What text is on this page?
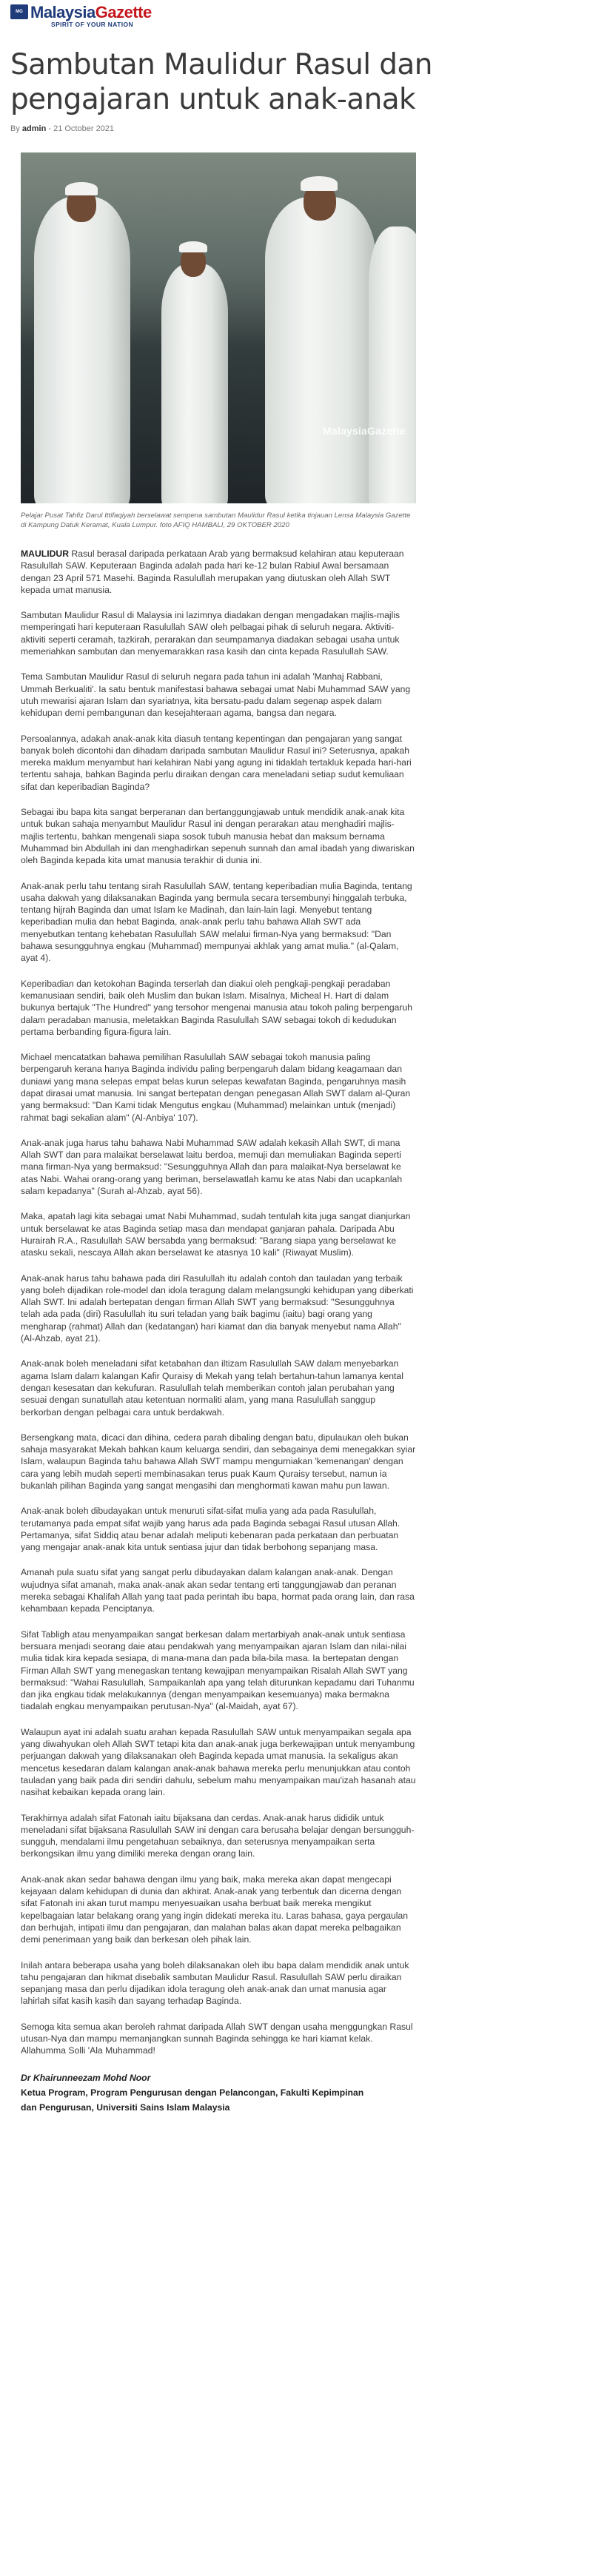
MG MalaysiaGazette
SPIRIT OF YOUR NATION
Sambutan Maulidur Rasul dan pengajaran untuk anak-anak
By admin - 21 October 2021
MalaysiaGazette

Pelajar Pusat Tahfiz Darul Ittifaqiyah berselawat sempena sambutan Maulidur Rasul ketika tinjauan Lensa Malaysia Gazette di Kampung Datuk Keramat, Kuala Lumpur. foto AFIQ HAMBALI, 29 OKTOBER 2020

MAULIDUR Rasul berasal daripada perkataan Arab yang bermaksud kelahiran atau keputeraan Rasulullah SAW. Keputeraan Baginda adalah pada hari ke-12 bulan Rabiul Awal bersamaan dengan 23 April 571 Masehi. Baginda Rasulullah merupakan yang diutuskan oleh Allah SWT kepada umat manusia.

Sambutan Maulidur Rasul di Malaysia ini lazimnya diadakan dengan mengadakan majlis-majlis memperingati hari keputeraan Rasulullah SAW oleh pelbagai pihak di seluruh negara. Aktiviti-aktiviti seperti ceramah, tazkirah, perarakan dan seumpamanya diadakan sebagai usaha untuk memeriahkan sambutan dan menyemarakkan rasa kasih dan cinta kepada Rasulullah SAW.

Tema Sambutan Maulidur Rasul di seluruh negara pada tahun ini adalah 'Manhaj Rabbani, Ummah Berkualiti'. Ia satu bentuk manifestasi bahawa sebagai umat Nabi Muhammad SAW yang utuh mewarisi ajaran Islam dan syariatnya, kita bersatu-padu dalam segenap aspek dalam kehidupan demi pembangunan dan kesejahteraan agama, bangsa dan negara.

Persoalannya, adakah anak-anak kita diasuh tentang kepentingan dan pengajaran yang sangat banyak boleh dicontohi dan dihadam daripada sambutan Maulidur Rasul ini? Seterusnya, apakah mereka maklum menyambut hari kelahiran Nabi yang agung ini tidaklah tertakluk kepada hari-hari tertentu sahaja, bahkan Baginda perlu diraikan dengan cara meneladani setiap sudut kemuliaan sifat dan keperibadian Baginda?

Sebagai ibu bapa kita sangat berperanan dan bertanggungjawab untuk mendidik anak-anak kita untuk bukan sahaja menyambut Maulidur Rasul ini dengan perarakan atau menghadiri majlis-majlis tertentu, bahkan mengenali siapa sosok tubuh manusia hebat dan maksum bernama Muhammad bin Abdullah ini dan menghadirkan sepenuh sunnah dan amal ibadah yang diwariskan oleh Baginda kepada kita umat manusia terakhir di dunia ini.

Anak-anak perlu tahu tentang sirah Rasulullah SAW, tentang keperibadian mulia Baginda, tentang usaha dakwah yang dilaksanakan Baginda yang bermula secara tersembunyi hinggalah terbuka, tentang hijrah Baginda dan umat Islam ke Madinah, dan lain-lain lagi. Menyebut tentang keperibadian mulia dan hebat Baginda, anak-anak perlu tahu bahawa Allah SWT ada menyebutkan tentang kehebatan Rasulullah SAW melalui firman-Nya yang bermaksud: "Dan bahawa sesungguhnya engkau (Muhammad) mempunyai akhlak yang amat mulia." (al-Qalam, ayat 4).

Keperibadian dan ketokohan Baginda terserlah dan diakui oleh pengkaji-pengkaji peradaban kemanusiaan sendiri, baik oleh Muslim dan bukan Islam. Misalnya, Micheal H. Hart di dalam bukunya bertajuk "The Hundred" yang tersohor mengenai manusia atau tokoh paling berpengaruh dalam peradaban manusia, meletakkan Baginda Rasulullah SAW sebagai tokoh di kedudukan pertama berbanding figura-figura lain.

Michael mencatatkan bahawa pemilihan Rasulullah SAW sebagai tokoh manusia paling berpengaruh kerana hanya Baginda individu paling berpengaruh dalam bidang keagamaan dan duniawi yang mana selepas empat belas kurun selepas kewafatan Baginda, pengaruhnya masih dapat dirasai umat manusia. Ini sangat bertepatan dengan penegasan Allah SWT dalam al-Quran yang bermaksud: "Dan Kami tidak Mengutus engkau (Muhammad) melainkan untuk (menjadi) rahmat bagi sekalian alam" (Al-Anbiya' 107).

Anak-anak juga harus tahu bahawa Nabi Muhammad SAW adalah kekasih Allah SWT, di mana Allah SWT dan para malaikat berselawat laitu berdoa, memuji dan memuliakan Baginda seperti mana firman-Nya yang bermaksud: "Sesungguhnya Allah dan para malaikat-Nya berselawat ke atas Nabi. Wahai orang-orang yang beriman, berselawatlah kamu ke atas Nabi dan ucapkanlah salam kepadanya" (Surah al-Ahzab, ayat 56).

Maka, apatah lagi kita sebagai umat Nabi Muhammad, sudah tentulah kita juga sangat dianjurkan untuk berselawat ke atas Baginda setiap masa dan mendapat ganjaran pahala. Daripada Abu Hurairah R.A., Rasulullah SAW bersabda yang bermaksud: "Barang siapa yang berselawat ke atasku sekali, nescaya Allah akan berselawat ke atasnya 10 kali" (Riwayat Muslim).

Anak-anak harus tahu bahawa pada diri Rasulullah itu adalah contoh dan tauladan yang terbaik yang boleh dijadikan role-model dan idola teragung dalam melangsungki kehidupan yang diberkati Allah SWT. Ini adalah bertepatan dengan firman Allah SWT yang bermaksud: "Sesungguhnya telah ada pada (diri) Rasulullah itu suri teladan yang baik bagimu (iaitu) bagi orang yang mengharap (rahmat) Allah dan (kedatangan) hari kiamat dan dia banyak menyebut nama Allah" (Al-Ahzab, ayat 21).

Anak-anak boleh meneladani sifat ketabahan dan iltizam Rasulullah SAW dalam menyebarkan agama Islam dalam kalangan Kafir Quraisy di Mekah yang telah bertahun-tahun lamanya kental dengan kesesatan dan kekufuran. Rasulullah telah memberikan contoh jalan perubahan yang sesuai dengan sunatullah atau ketentuan normaliti alam, yang mana Rasulullah sanggup berkorban dengan pelbagai cara untuk berdakwah.

Bersengkang mata, dicaci dan dihina, cedera parah dibaling dengan batu, dipulaukan oleh bukan sahaja masyarakat Mekah bahkan kaum keluarga sendiri, dan sebagainya demi menegakkan syiar Islam, walaupun Baginda tahu bahawa Allah SWT mampu mengurniakan 'kemenangan' dengan cara yang lebih mudah seperti membinasakan terus puak Kaum Quraisy tersebut, namun ia bukanlah pilihan Baginda yang sangat mengasihi dan menghormati kawan mahu pun lawan.

Anak-anak boleh dibudayakan untuk menuruti sifat-sifat mulia yang ada pada Rasulullah, terutamanya pada empat sifat wajib yang harus ada pada Baginda sebagai Rasul utusan Allah. Pertamanya, sifat Siddiq atau benar adalah meliputi kebenaran pada perkataan dan perbuatan yang mengajar anak-anak kita untuk sentiasa jujur dan tidak berbohong sepanjang masa.

Amanah pula suatu sifat yang sangat perlu dibudayakan dalam kalangan anak-anak. Dengan wujudnya sifat amanah, maka anak-anak akan sedar tentang erti tanggungjawab dan peranan mereka sebagai Khalifah Allah yang taat pada perintah ibu bapa, hormat pada orang lain, dan rasa kehambaan kepada Penciptanya.

Sifat Tabligh atau menyampaikan sangat berkesan dalam mertarbiyah anak-anak untuk sentiasa bersuara menjadi seorang daie atau pendakwah yang menyampaikan ajaran Islam dan nilai-nilai mulia tidak kira kepada sesiapa, di mana-mana dan pada bila-bila masa. Ia bertepatan dengan Firman Allah SWT yang menegaskan tentang kewajipan menyampaikan Risalah Allah SWT yang bermaksud: "Wahai Rasulullah, Sampaikanlah apa yang telah diturunkan kepadamu dari Tuhanmu dan jika engkau tidak melakukannya (dengan menyampaikan kesemuanya) maka bermakna tiadalah engkau menyampaikan perutusan-Nya" (al-Maidah, ayat 67).

Walaupun ayat ini adalah suatu arahan kepada Rasulullah SAW untuk menyampaikan segala apa yang diwahyukan oleh Allah SWT tetapi kita dan anak-anak juga berkewajipan untuk menyambung perjuangan dakwah yang dilaksanakan oleh Baginda kepada umat manusia. Ia sekaligus akan mencetus kesedaran dalam kalangan anak-anak bahawa mereka perlu menunjukkan atau contoh tauladan yang baik pada diri sendiri dahulu, sebelum mahu menyampaikan mau'izah hasanah atau nasihat kebaikan kepada orang lain.

Terakhirnya adalah sifat Fatonah iaitu bijaksana dan cerdas. Anak-anak harus dididik untuk meneladani sifat bijaksana Rasulullah SAW ini dengan cara berusaha belajar dengan bersungguh-sungguh, mendalami ilmu pengetahuan sebaiknya, dan seterusnya menyampaikan serta berkongsikan ilmu yang dimiliki mereka dengan orang lain.

Anak-anak akan sedar bahawa dengan ilmu yang baik, maka mereka akan dapat mengecapi kejayaan dalam kehidupan di dunia dan akhirat. Anak-anak yang terbentuk dan dicerna dengan sifat Fatonah ini akan turut mampu menyesuaikan usaha berbuat baik mereka mengikut kepelbagaian latar belakang orang yang ingin didekati mereka itu. Laras bahasa, gaya pergaulan dan berhujah, intipati ilmu dan pengajaran, dan malahan balas akan dapat mereka pelbagaikan demi penerimaan yang baik dan berkesan oleh pihak lain.

Inilah antara beberapa usaha yang boleh dilaksanakan oleh ibu bapa dalam mendidik anak untuk tahu pengajaran dan hikmat disebalik sambutan Maulidur Rasul. Rasulullah SAW perlu diraikan sepanjang masa dan perlu dijadikan idola teragung oleh anak-anak dan umat manusia agar lahirlah sifat kasih kasih dan sayang terhadap Baginda.

Semoga kita semua akan beroleh rahmat daripada Allah SWT dengan usaha menggungkan Rasul utusan-Nya dan mampu memanjangkan sunnah Baginda sehingga ke hari kiamat kelak. Allahumma Solli 'Ala Muhammad!

Dr Khairunneezam Mohd Noor
Ketua Program, Program Pengurusan dengan Pelancongan, Fakulti Kepimpinan
dan Pengurusan, Universiti Sains Islam Malaysia
